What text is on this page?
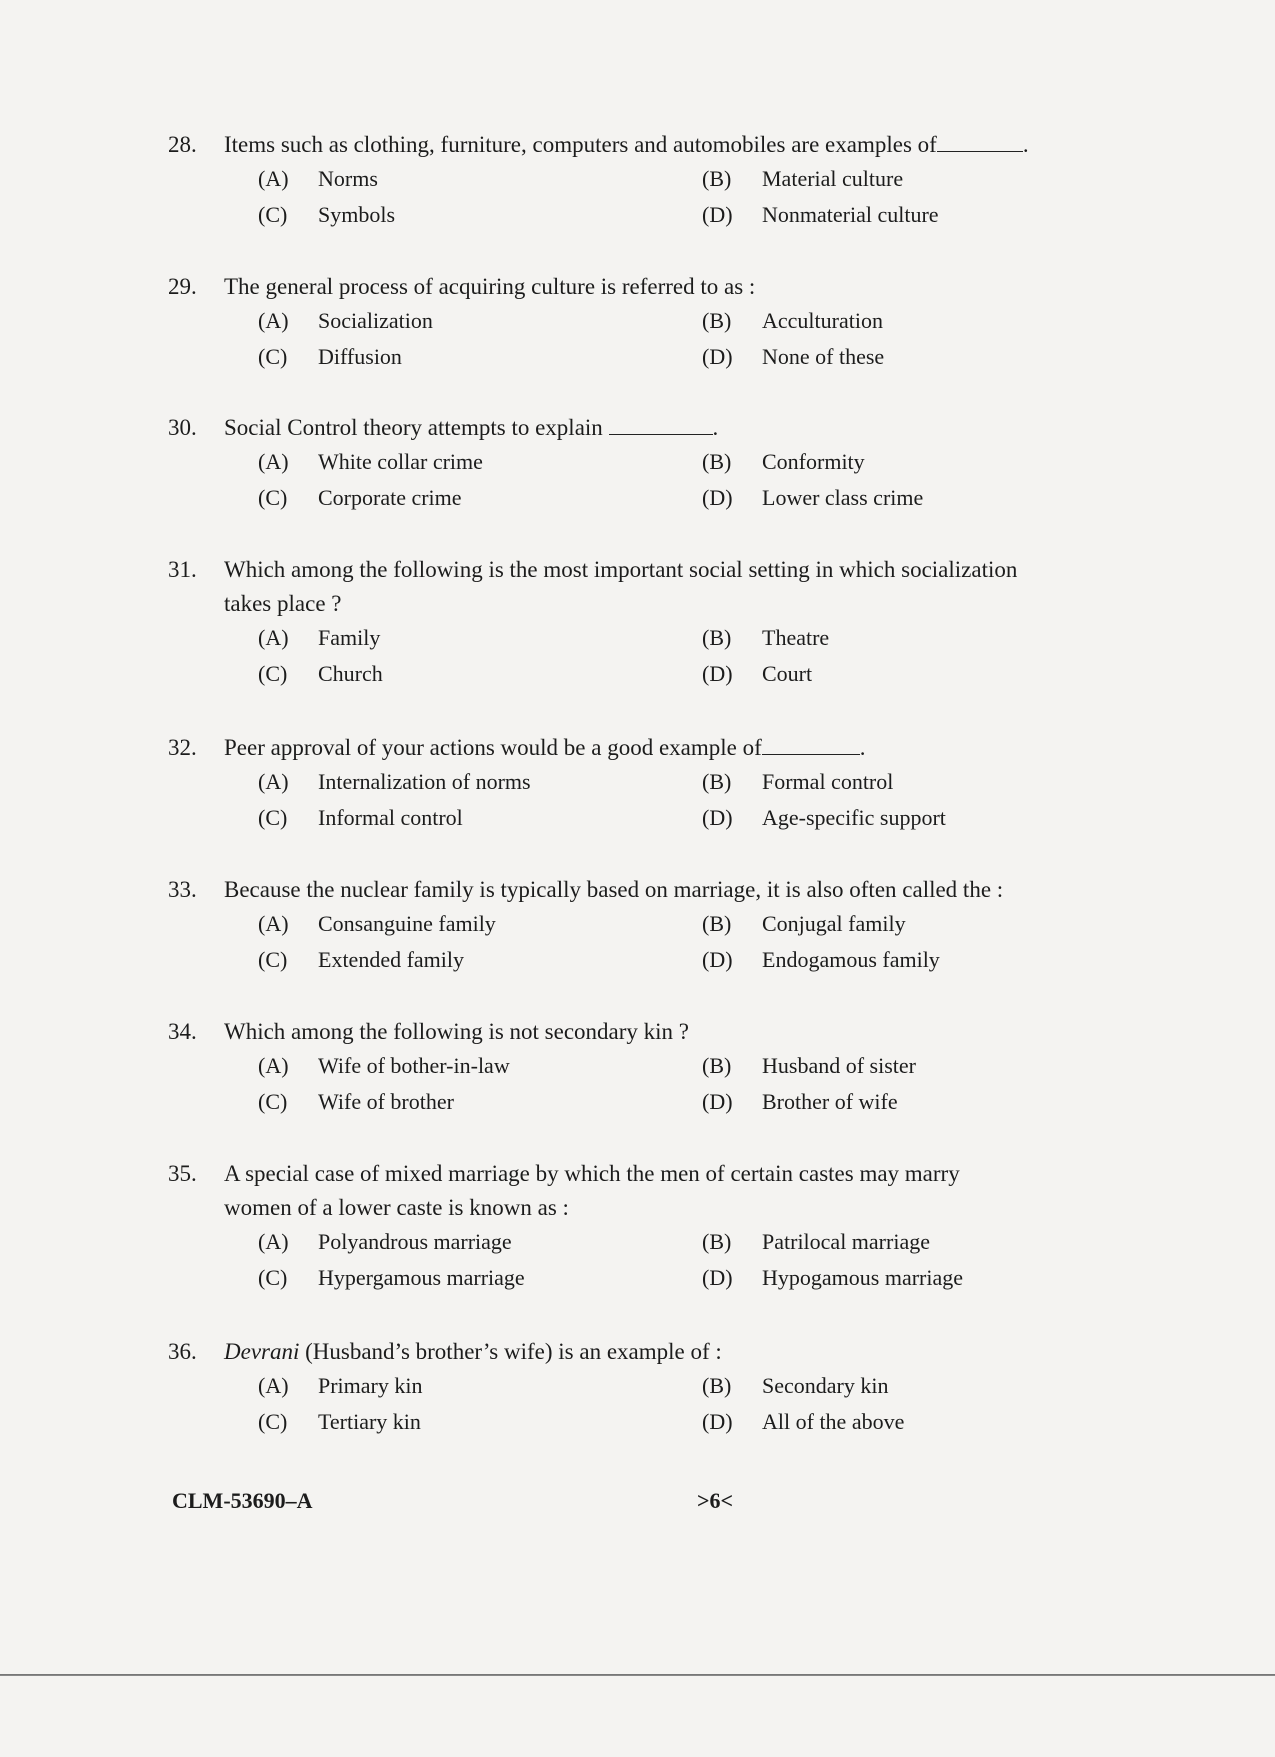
28. Items such as clothing, furniture, computers and automobiles are examples of	.
(A) Norms	(B) Material culture
(C) Symbols	(D) Nonmaterial culture
29. The general process of acquiring culture is referred to as :
(A) Socialization	(B) Acculturation
(C) Diffusion	(D) None of these
30. Social Control theory attempts to explain	.
(A) White collar crime	(B) Conformity
(C) Corporate crime	(D) Lower class crime
31. Which among the following is the most important social setting in which socialization
takes place ?
(A) Family	(B) Theatre
(C) Church	(D) Court
32. Peer approval of your actions would be a good example of	.
(A) Internalization of norms	(B) Formal control
(C) Informal control	(D) Age-specific support
33. Because the nuclear family is typically based on marriage, it is also often called the :
(A) Consanguine family	(B) Conjugal family
(C) Extended family	(D) Endogamous family
34. Which among the following is not secondary kin ?
(A) Wife of bother-in-law	(B) Husband of sister
(C) Wife of brother	(D) Brother of wife
35. A special case of mixed marriage by which the men of certain castes may marry
women of a lower caste is known as :
(A) Polyandrous marriage	(B) Patrilocal marriage
(C) Hypergamous marriage	(D) Hypogamous marriage
36. Devrani (Husband’s brother’s wife) is an example of :
(A) Primary kin	(B) Secondary kin
(C) Tertiary kin	(D) All of the above
CLM-53690–A	>6<
